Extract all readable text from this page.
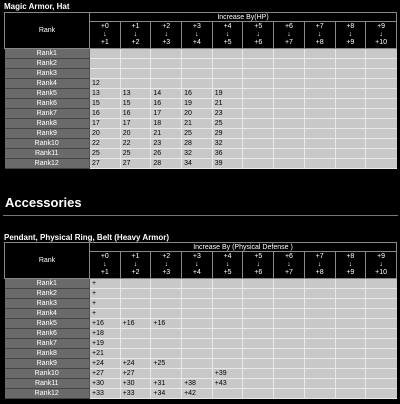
Magic Armor, Hat
Rank	Increase By(HP)									

	+0
↓
+1	+1
↓
+2	+2
↓
+3	+3
↓
+4	+4
↓
+5	+5
↓
+6	+6
↓
+7	+7
↓
+8	+8
↓
+9	+9
↓
+10

Rank1										
Rank2										
Rank3										
Rank4	12									
Rank5	13	13	14	16	19					
Rank6	15	15	16	19	21					
Rank7	16	16	17	20	23					
Rank8	17	17	18	21	25					
Rank9	20	20	21	25	29					
Rank10	22	22	23	28	32					
Rank11	25	25	26	32	36					
Rank12	27	27	28	34	39					
Accessories
Pendant, Physical Ring, Belt (Heavy Armor)
Rank	Increase By (Physical Defense )									

	+0
↓
+1	+1
↓
+2	+2
↓
+3	+3
↓
+4	+4
↓
+5	+5
↓
+6	+6
↓
+7	+7
↓
+8	+8
↓
+9	+9
↓
+10

Rank1	+									
Rank2	+									
Rank3	+									
Rank4	+									
Rank5	+16	+16	+16							
Rank6	+18									
Rank7	+19									
Rank8	+21									
Rank9	+24	+24	+25							
Rank10	+27	+27			+39					
Rank11	+30	+30	+31	+38	+43					
Rank12	+33	+33	+34	+42						
